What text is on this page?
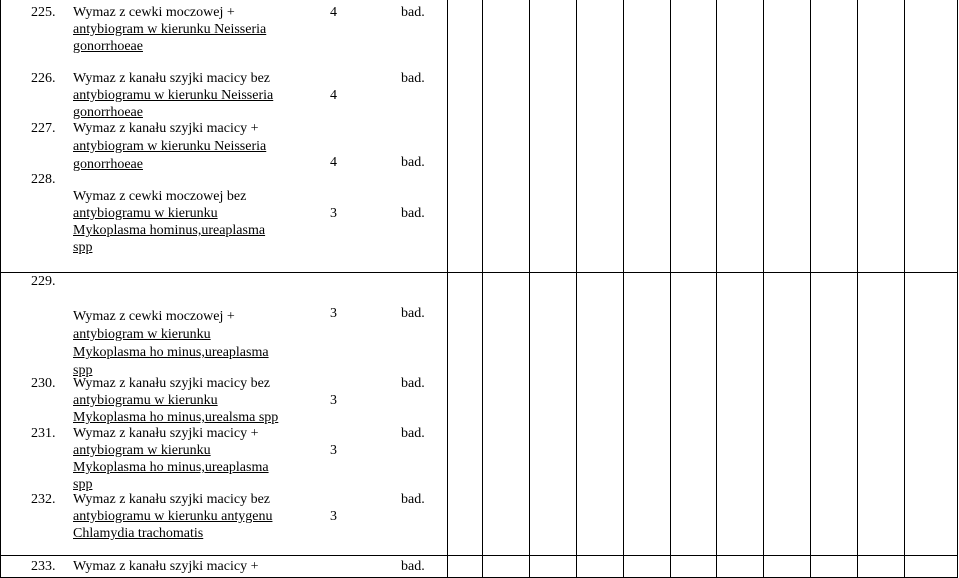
225. Wymaz z cewki moczowej +
antybiogram w kierunku Neisseria
gonorrhoeae
4	bad.
226. Wymaz z kanału szyjki macicy bez
antybiogramu w kierunku Neisseria
gonorrhoeae
4
bad.
227. Wymaz z kanału szyjki macicy +
antybiogram w kierunku Neisseria
gonorrhoeae	4	bad.
228.
Wymaz z cewki moczowej bez
antybiogramu w kierunku
Mykoplasma hominus,ureaplasma
spp
3	bad.
229.
Wymaz z cewki moczowej +
antybiogram w kierunku
Mykoplasma ho minus,ureaplasma
spp
3	bad.
230. Wymaz z kanału szyjki macicy bez
antybiogramu w kierunku
Mykoplasma ho minus,urealsma spp
3
bad.
231. Wymaz z kanału szyjki macicy +
antybiogram w kierunku
Mykoplasma ho minus,ureaplasma
spp
3
bad.
232. Wymaz z kanału szyjki macicy bez
antybiogramu w kierunku antygenu
Chlamydia trachomatis
3
bad.
233. Wymaz z kanału szyjki macicy +	bad.
